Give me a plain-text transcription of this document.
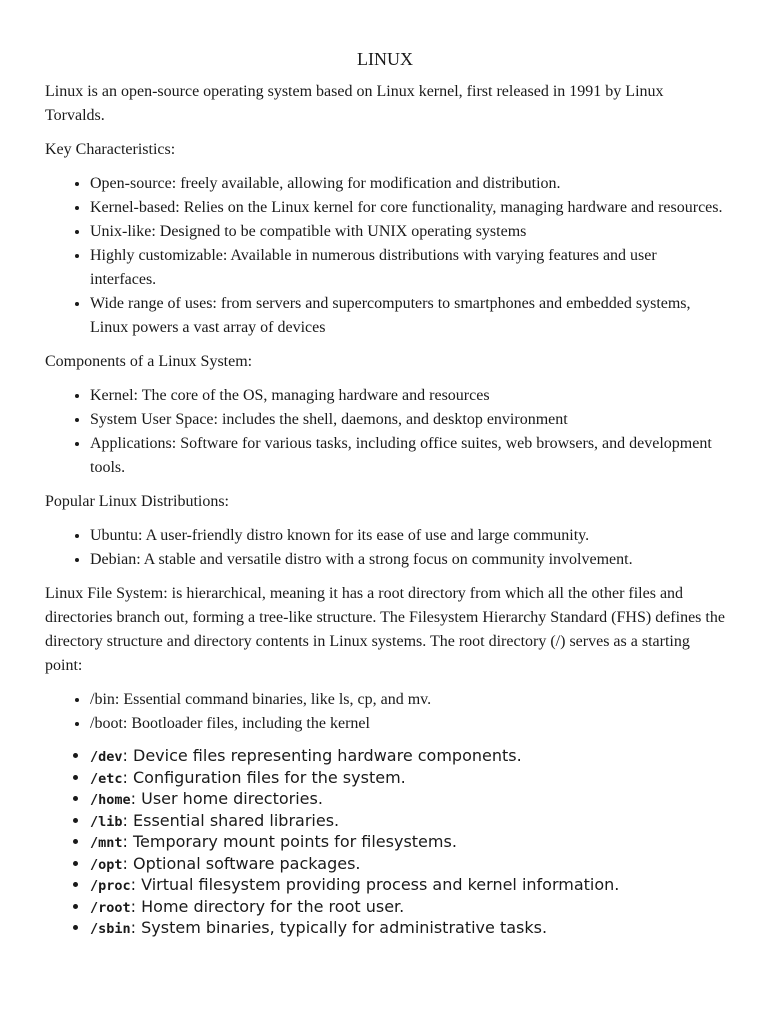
LINUX

Linux is an open-source operating system based on Linux kernel, first released in 1991 by Linux Torvalds.

Key Characteristics:

• Open-source: freely available, allowing for modification and distribution.
• Kernel-based: Relies on the Linux kernel for core functionality, managing hardware and resources.
• Unix-like: Designed to be compatible with UNIX operating systems
• Highly customizable: Available in numerous distributions with varying features and user interfaces.
• Wide range of uses: from servers and supercomputers to smartphones and embedded systems, Linux powers a vast array of devices

Components of a Linux System:

• Kernel: The core of the OS, managing hardware and resources
• System User Space: includes the shell, daemons, and desktop environment
• Applications: Software for various tasks, including office suites, web browsers, and development tools.

Popular Linux Distributions:

• Ubuntu: A user-friendly distro known for its ease of use and large community.
• Debian: A stable and versatile distro with a strong focus on community involvement.

Linux File System: is hierarchical, meaning it has a root directory from which all the other files and directories branch out, forming a tree-like structure. The Filesystem Hierarchy Standard (FHS) defines the directory structure and directory contents in Linux systems. The root directory (/) serves as a starting point:

• /bin: Essential command binaries, like ls, cp, and mv.
• /boot: Bootloader files, including the kernel
• /dev: Device files representing hardware components.
• /etc: Configuration files for the system.
• /home: User home directories.
• /lib: Essential shared libraries.
• /mnt: Temporary mount points for filesystems.
• /opt: Optional software packages.
• /proc: Virtual filesystem providing process and kernel information.
• /root: Home directory for the root user.
• /sbin: System binaries, typically for administrative tasks.
